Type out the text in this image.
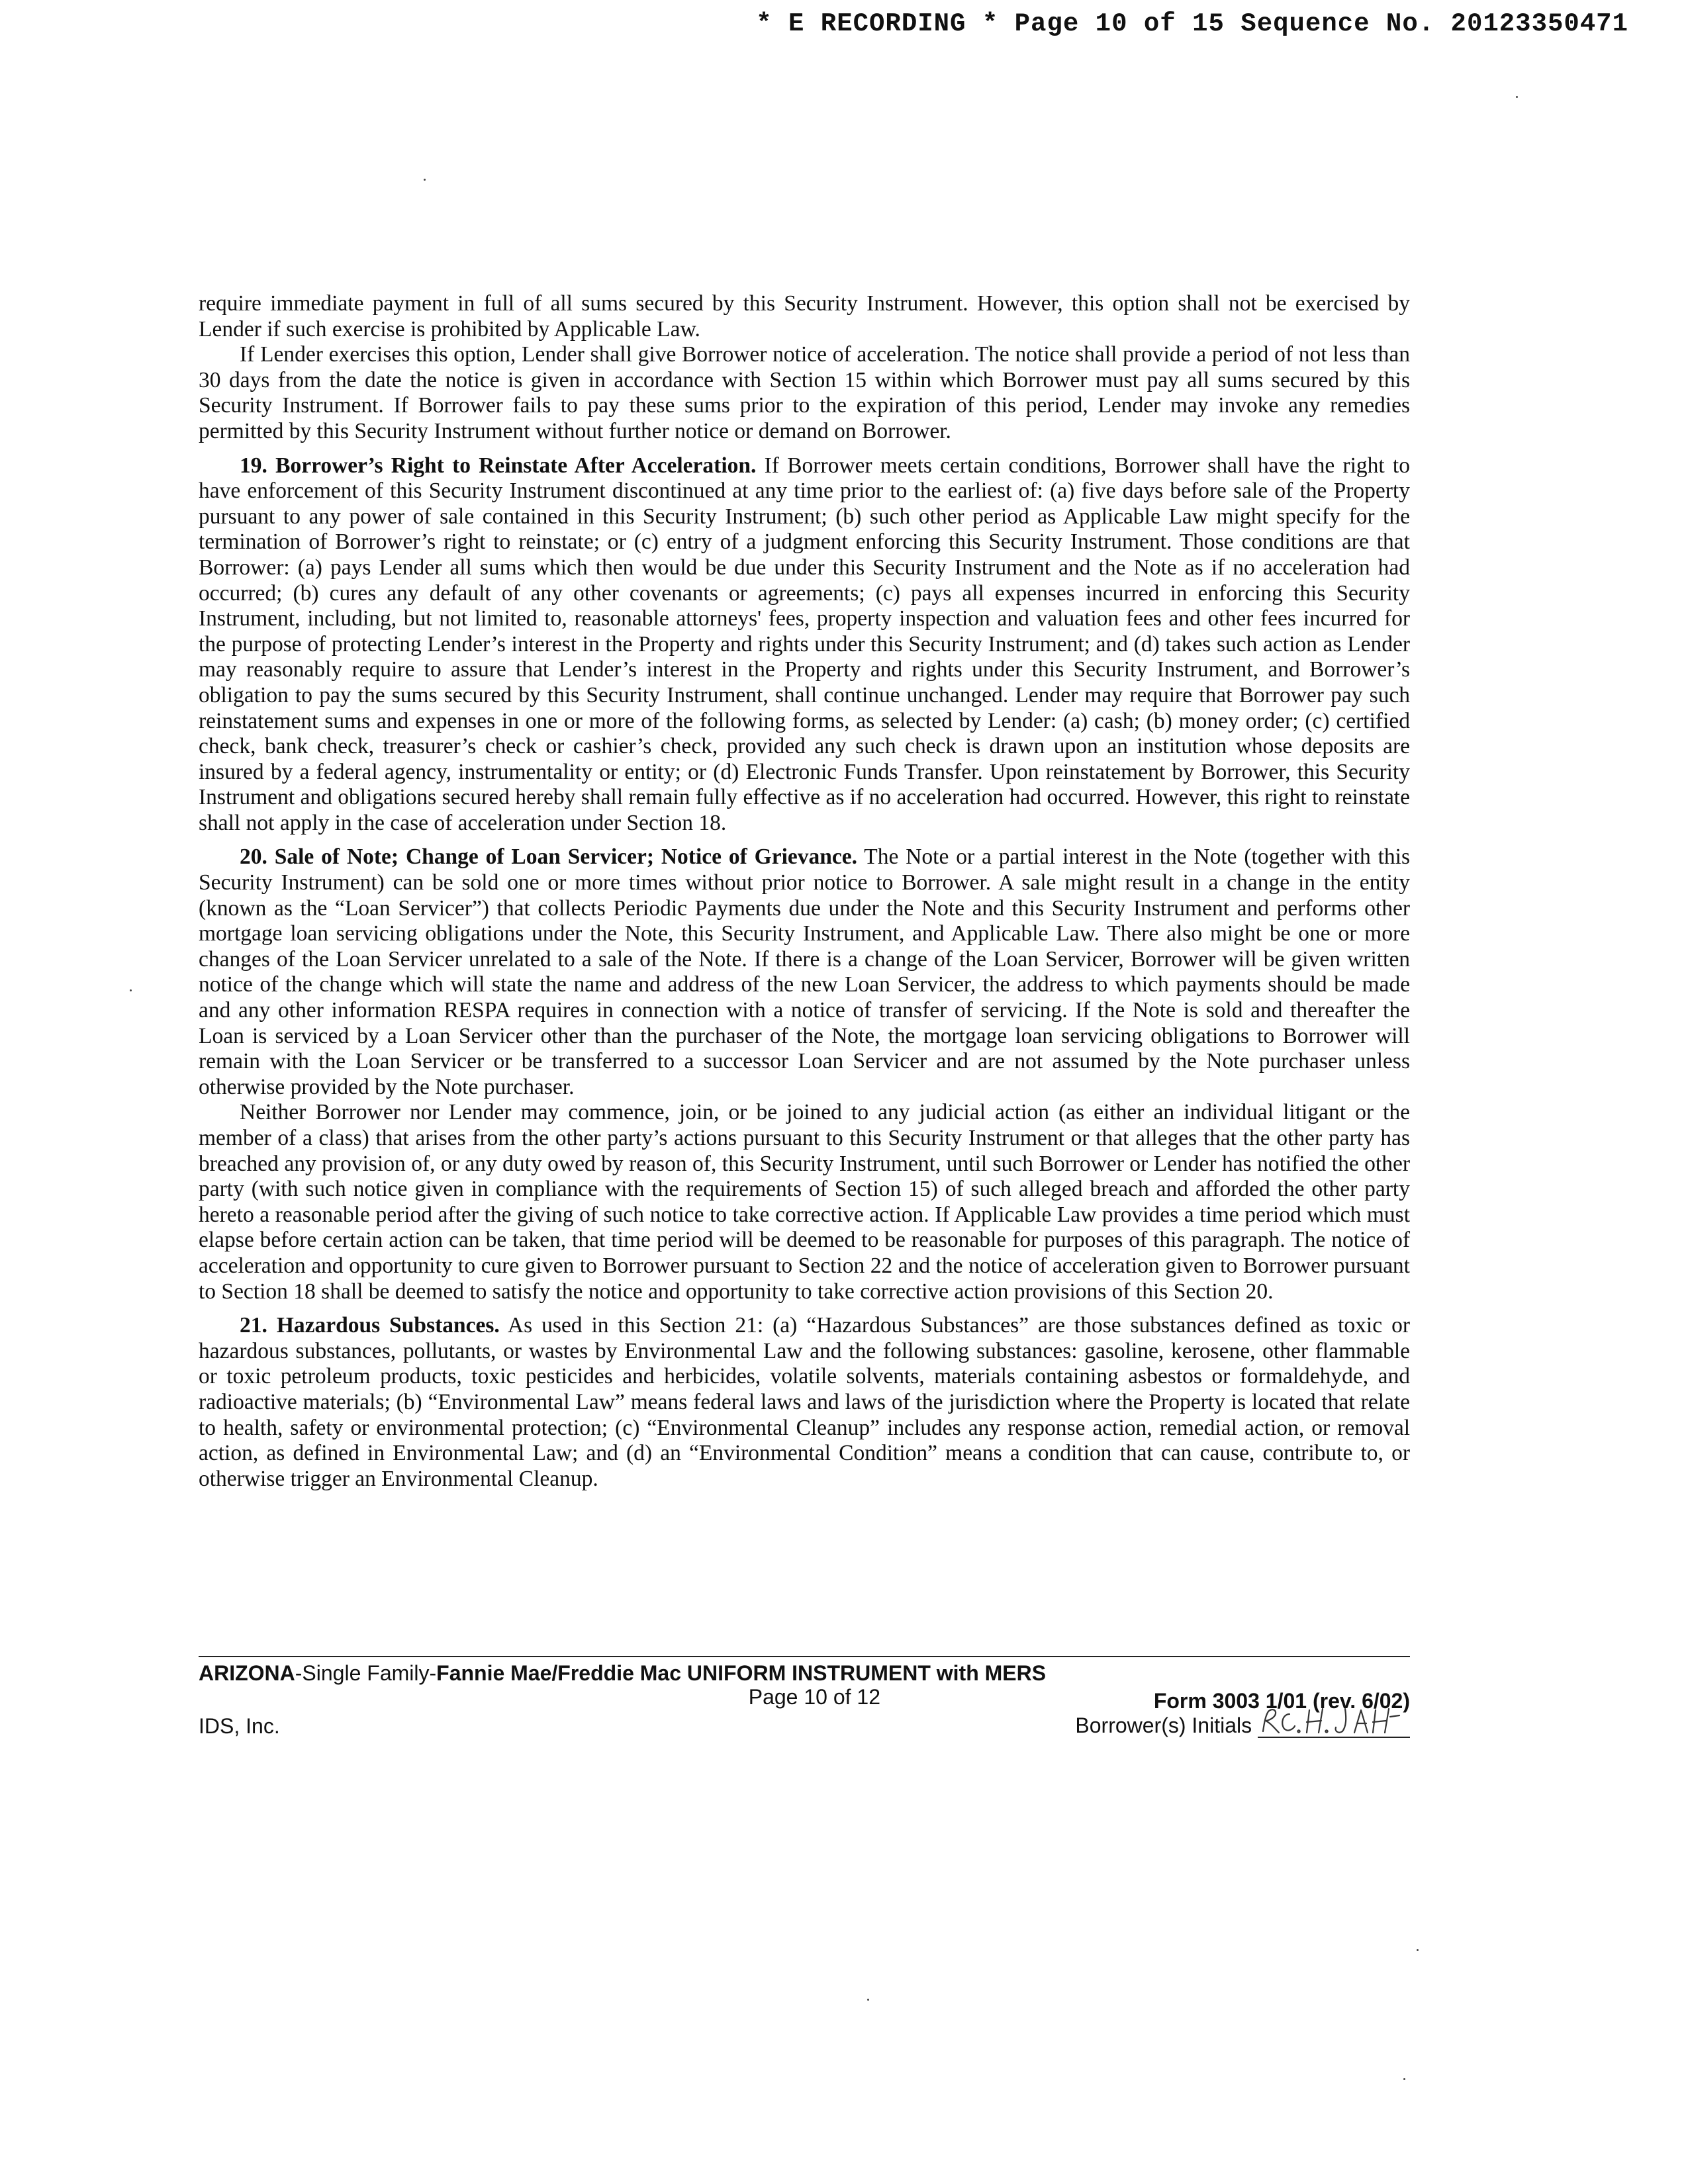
* E RECORDING * Page 10 of 15 Sequence No. 20123350471

require immediate payment in full of all sums secured by this Security Instrument. However, this option shall not be exercised by Lender if such exercise is prohibited by Applicable Law.

If Lender exercises this option, Lender shall give Borrower notice of acceleration. The notice shall provide a period of not less than 30 days from the date the notice is given in accordance with Section 15 within which Borrower must pay all sums secured by this Security Instrument. If Borrower fails to pay these sums prior to the expiration of this period, Lender may invoke any remedies permitted by this Security Instrument without further notice or demand on Borrower.

19. Borrower’s Right to Reinstate After Acceleration. If Borrower meets certain conditions, Borrower shall have the right to have enforcement of this Security Instrument discontinued at any time prior to the earliest of: (a) five days before sale of the Property pursuant to any power of sale contained in this Security Instrument; (b) such other period as Applicable Law might specify for the termination of Borrower’s right to reinstate; or (c) entry of a judgment enforcing this Security Instrument. Those conditions are that Borrower: (a) pays Lender all sums which then would be due under this Security Instrument and the Note as if no acceleration had occurred; (b) cures any default of any other covenants or agreements; (c) pays all expenses incurred in enforcing this Security Instrument, including, but not limited to, reasonable attorneys' fees, property inspection and valuation fees and other fees incurred for the purpose of protecting Lender’s interest in the Property and rights under this Security Instrument; and (d) takes such action as Lender may reasonably require to assure that Lender’s interest in the Property and rights under this Security Instrument, and Borrower’s obligation to pay the sums secured by this Security Instrument, shall continue unchanged. Lender may require that Borrower pay such reinstatement sums and expenses in one or more of the following forms, as selected by Lender: (a) cash; (b) money order; (c) certified check, bank check, treasurer’s check or cashier’s check, provided any such check is drawn upon an institution whose deposits are insured by a federal agency, instrumentality or entity; or (d) Electronic Funds Transfer. Upon reinstatement by Borrower, this Security Instrument and obligations secured hereby shall remain fully effective as if no acceleration had occurred. However, this right to reinstate shall not apply in the case of acceleration under Section 18.

20. Sale of Note; Change of Loan Servicer; Notice of Grievance. The Note or a partial interest in the Note (together with this Security Instrument) can be sold one or more times without prior notice to Borrower. A sale might result in a change in the entity (known as the “Loan Servicer”) that collects Periodic Payments due under the Note and this Security Instrument and performs other mortgage loan servicing obligations under the Note, this Security Instrument, and Applicable Law. There also might be one or more changes of the Loan Servicer unrelated to a sale of the Note. If there is a change of the Loan Servicer, Borrower will be given written notice of the change which will state the name and address of the new Loan Servicer, the address to which payments should be made and any other information RESPA requires in connection with a notice of transfer of servicing. If the Note is sold and thereafter the Loan is serviced by a Loan Servicer other than the purchaser of the Note, the mortgage loan servicing obligations to Borrower will remain with the Loan Servicer or be transferred to a successor Loan Servicer and are not assumed by the Note purchaser unless otherwise provided by the Note purchaser.

Neither Borrower nor Lender may commence, join, or be joined to any judicial action (as either an individual litigant or the member of a class) that arises from the other party’s actions pursuant to this Security Instrument or that alleges that the other party has breached any provision of, or any duty owed by reason of, this Security Instrument, until such Borrower or Lender has notified the other party (with such notice given in compliance with the requirements of Section 15) of such alleged breach and afforded the other party hereto a reasonable period after the giving of such notice to take corrective action. If Applicable Law provides a time period which must elapse before certain action can be taken, that time period will be deemed to be reasonable for purposes of this paragraph. The notice of acceleration and opportunity to cure given to Borrower pursuant to Section 22 and the notice of acceleration given to Borrower pursuant to Section 18 shall be deemed to satisfy the notice and opportunity to take corrective action provisions of this Section 20.

21. Hazardous Substances. As used in this Section 21: (a) “Hazardous Substances” are those substances defined as toxic or hazardous substances, pollutants, or wastes by Environmental Law and the following substances: gasoline, kerosene, other flammable or toxic petroleum products, toxic pesticides and herbicides, volatile solvents, materials containing asbestos or formaldehyde, and radioactive materials; (b) “Environmental Law” means federal laws and laws of the jurisdiction where the Property is located that relate to health, safety or environmental protection; (c) “Environmental Cleanup” includes any response action, remedial action, or removal action, as defined in Environmental Law; and (d) an “Environmental Condition” means a condition that can cause, contribute to, or otherwise trigger an Environmental Cleanup.

ARIZONA-Single Family-Fannie Mae/Freddie Mac UNIFORM INSTRUMENT with MERS
Page 10 of 12	Form 3003 1/01 (rev. 6/02)
IDS, Inc.	Borrower(s) Initials
